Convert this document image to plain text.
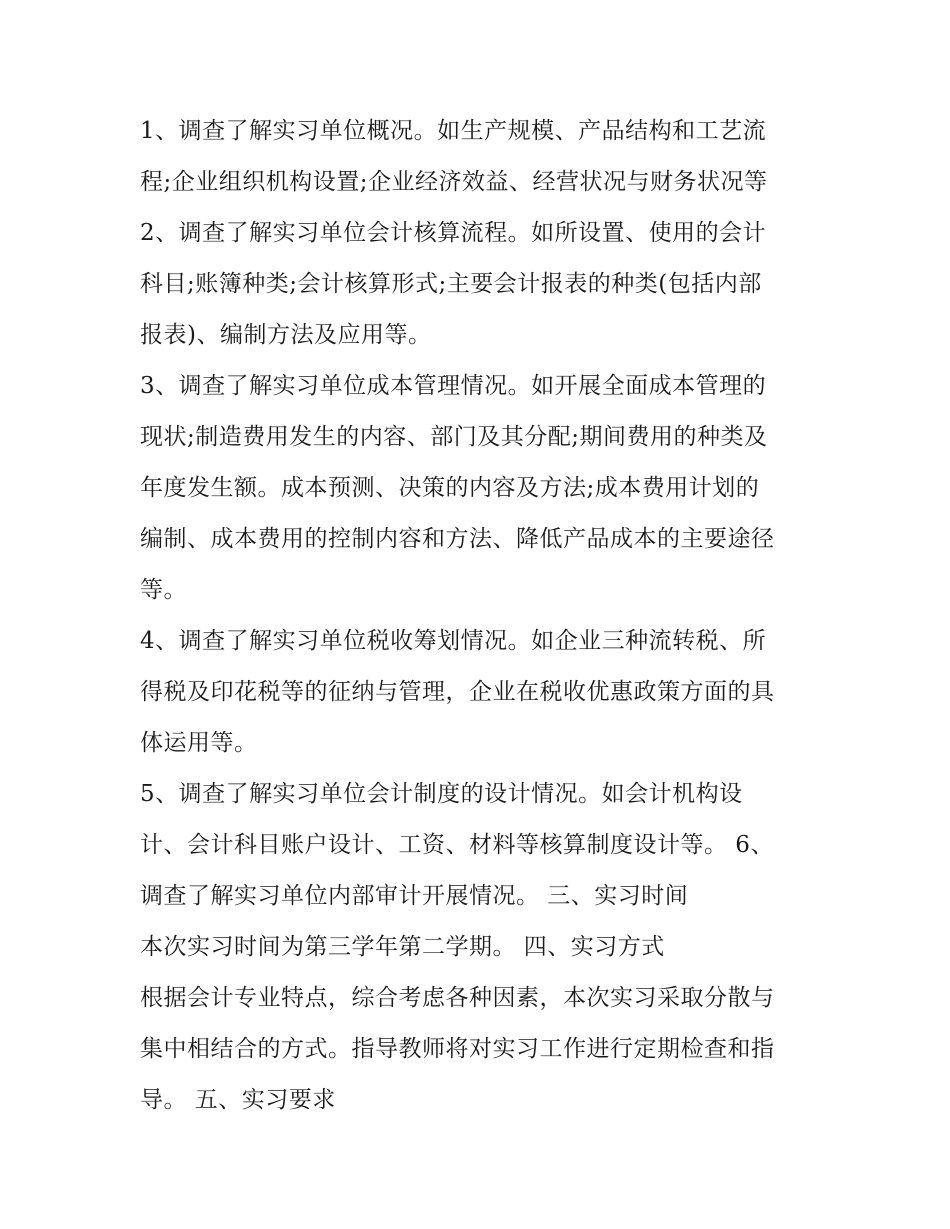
1、调查了解实习单位概况。如生产规模、产品结构和工艺流
程;企业组织机构设置;企业经济效益、经营状况与财务状况等
2、调查了解实习单位会计核算流程。如所设置、使用的会计
科目;账簿种类;会计核算形式;主要会计报表的种类(包括内部
报表)、编制方法及应用等。
3、调查了解实习单位成本管理情况。如开展全面成本管理的
现状;制造费用发生的内容、部门及其分配;期间费用的种类及
年度发生额。成本预测、决策的内容及方法;成本费用计划的
编制、成本费用的控制内容和方法、降低产品成本的主要途径
等。
4、调查了解实习单位税收筹划情况。如企业三种流转税、所
得税及印花税等的征纳与管理，企业在税收优惠政策方面的具
体运用等。
5、调查了解实习单位会计制度的设计情况。如会计机构设
计、会计科目账户设计、工资、材料等核算制度设计等。 6、
调查了解实习单位内部审计开展情况。 三、实习时间
本次实习时间为第三学年第二学期。 四、实习方式
根据会计专业特点，综合考虑各种因素，本次实习采取分散与
集中相结合的方式。指导教师将对实习工作进行定期检查和指
导。 五、实习要求
